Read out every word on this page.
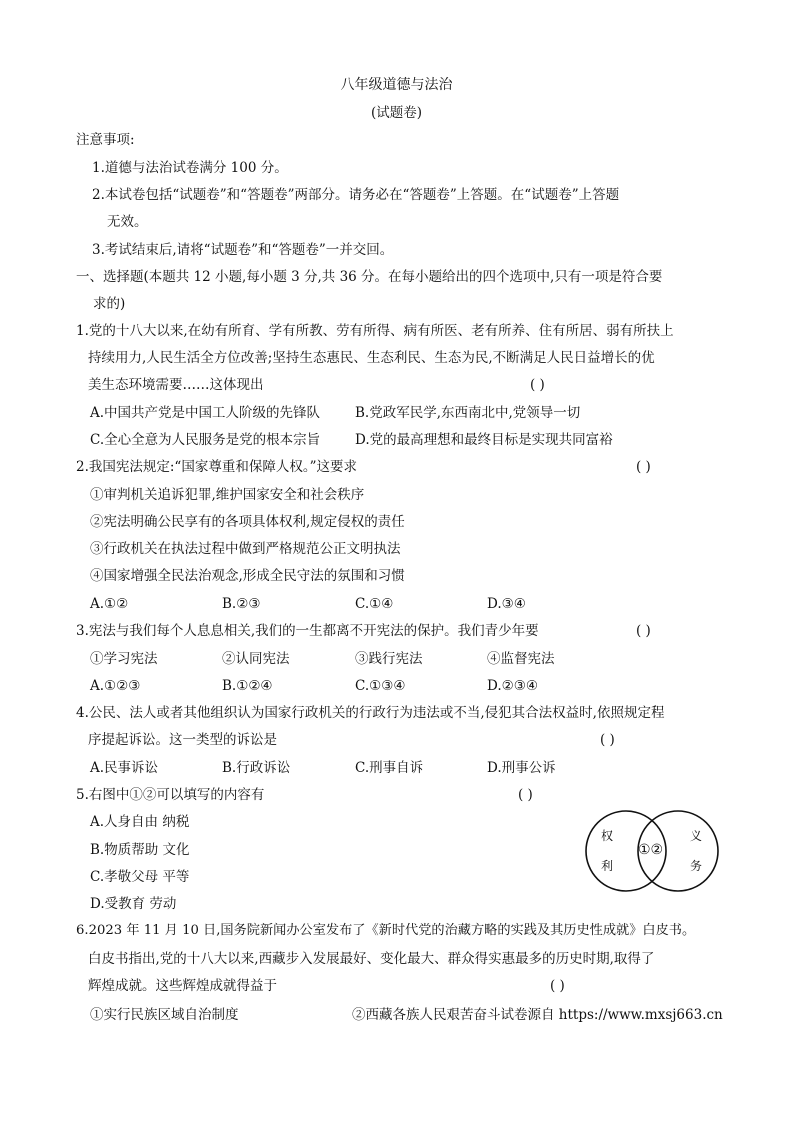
八年级道德与法治
(试题卷)
注意事项:
1.道德与法治试卷满分 100 分。
2.本试卷包括“试题卷”和“答题卷”两部分。请务必在“答题卷”上答题。在“试题卷”上答题
无效。
3.考试结束后,请将“试题卷”和“答题卷”一并交回。
一、选择题(本题共 12 小题,每小题 3 分,共 36 分。在每小题给出的四个选项中,只有一项是符合要
求的)
1.党的十八大以来,在幼有所育、学有所教、劳有所得、病有所医、老有所养、住有所居、弱有所扶上
持续用力,人民生活全方位改善;坚持生态惠民、生态利民、生态为民,不断满足人民日益增长的优
美生态环境需要……这体现出	( )
A.中国共产党是中国工人阶级的先锋队	B.党政军民学,东西南北中,党领导一切
C.全心全意为人民服务是党的根本宗旨	D.党的最高理想和最终目标是实现共同富裕
2.我国宪法规定:“国家尊重和保障人权。”这要求	( )
①审判机关追诉犯罪,维护国家安全和社会秩序
②宪法明确公民享有的各项具体权利,规定侵权的责任
③行政机关在执法过程中做到严格规范公正文明执法
④国家增强全民法治观念,形成全民守法的氛围和习惯
A.①②	B.②③	C.①④	D.③④
3.宪法与我们每个人息息相关,我们的一生都离不开宪法的保护。我们青少年要	( )
①学习宪法	②认同宪法	③践行宪法	④监督宪法
A.①②③	B.①②④	C.①③④	D.②③④
4.公民、法人或者其他组织认为国家行政机关的行政行为违法或不当,侵犯其合法权益时,依照规定程
序提起诉讼。这一类型的诉讼是	( )
A.民事诉讼	B.行政诉讼	C.刑事自诉	D.刑事公诉
5.右图中①②可以填写的内容有	( )
A.人身自由 纳税
B.物质帮助 文化
C.孝敬父母 平等
D.受教育 劳动
权
利
①②
义
务
6.2023 年 11 月 10 日,国务院新闻办公室发布了《新时代党的治藏方略的实践及其历史性成就》白皮书。
白皮书指出,党的十八大以来,西藏步入发展最好、变化最大、群众得实惠最多的历史时期,取得了
辉煌成就。这些辉煌成就得益于	( )
①实行民族区域自治制度	②西藏各族人民艰苦奋斗试卷源自 https://www.mxsj663.cn
